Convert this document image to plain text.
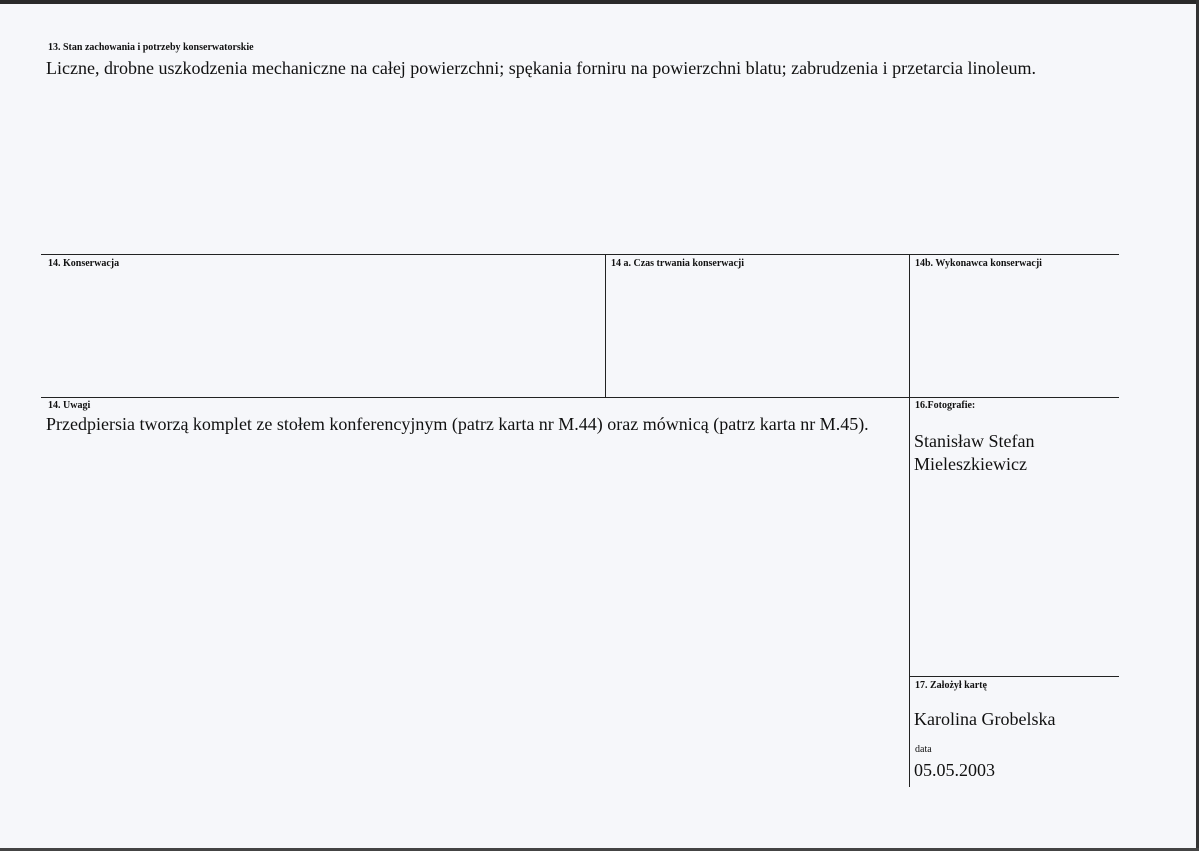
13. Stan zachowania i potrzeby konserwatorskie
Liczne, drobne uszkodzenia mechaniczne na całej powierzchni; spękania forniru na powierzchni blatu; zabrudzenia i przetarcia linoleum.
14. Konserwacja	14 a. Czas trwania konserwacji	14b. Wykonawca konserwacji
14. Uwagi
Przedpiersia tworzą komplet ze stołem konferencyjnym (patrz karta nr M.44) oraz mównicą (patrz karta nr M.45).
16.Fotografie:
Stanisław Stefan
Mieleszkiewicz
17. Założył kartę
Karolina Grobelska
data
05.05.2003
